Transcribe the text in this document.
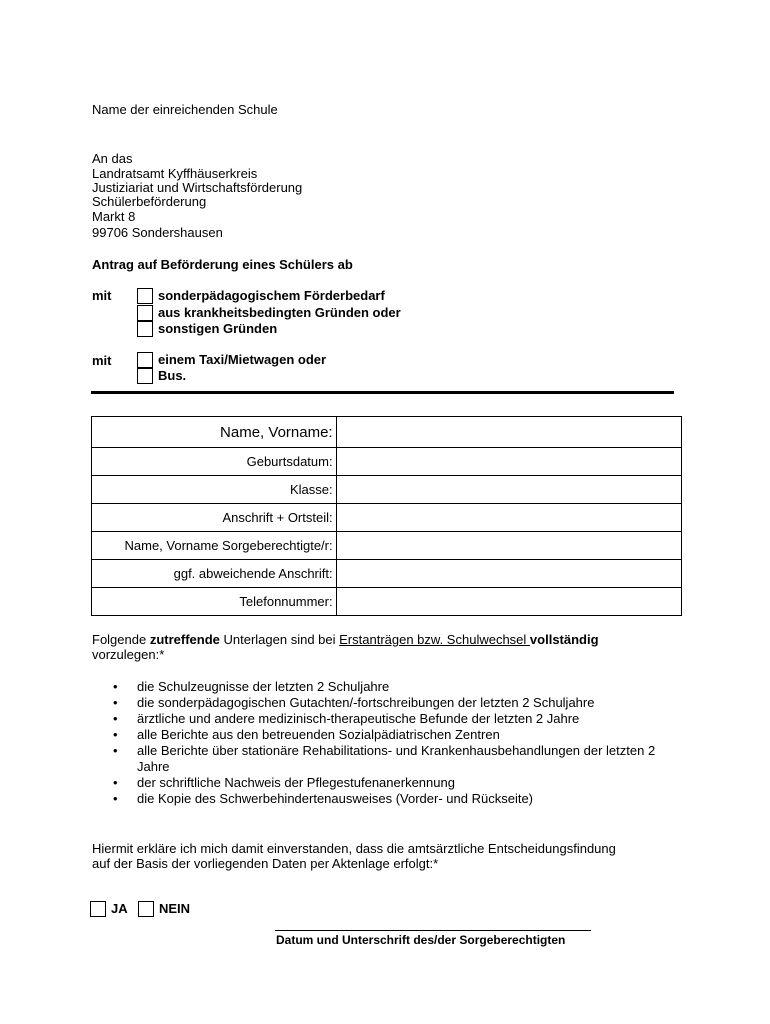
Name der einreichenden Schule
An das
Landratsamt Kyffhäuserkreis
Justiziariat und Wirtschaftsförderung
Schülerbeförderung
Markt 8
99706 Sondershausen
Antrag auf Beförderung eines Schülers ab
mit	sonderpädagogischem Förderbedarf
aus krankheitsbedingten Gründen oder
sonstigen Gründen
mit	einem Taxi/Mietwagen oder
Bus.
Name, Vorname:	
Geburtsdatum:	
Klasse:	
Anschrift + Ortsteil:	
Name, Vorname Sorgeberechtigte/r:	
ggf. abweichende Anschrift:	
Telefonnummer:	
Folgende zutreffende Unterlagen sind bei Erstanträgen bzw. Schulwechsel vollständig
vorzulegen:*
• die Schulzeugnisse der letzten 2 Schuljahre
• die sonderpädagogischen Gutachten/-fortschreibungen der letzten 2 Schuljahre
• ärztliche und andere medizinisch-therapeutische Befunde der letzten 2 Jahre
• alle Berichte aus den betreuenden Sozialpädiatrischen Zentren
• alle Berichte über stationäre Rehabilitations- und Krankenhausbehandlungen der letzten 2 Jahre
• der schriftliche Nachweis der Pflegestufenanerkennung
• die Kopie des Schwerbehindertenausweises (Vorder- und Rückseite)
Hiermit erkläre ich mich damit einverstanden, dass die amtsärztliche Entscheidungsfindung
auf der Basis der vorliegenden Daten per Aktenlage erfolgt:*
JA NEIN
Datum und Unterschrift des/der Sorgeberechtigten
